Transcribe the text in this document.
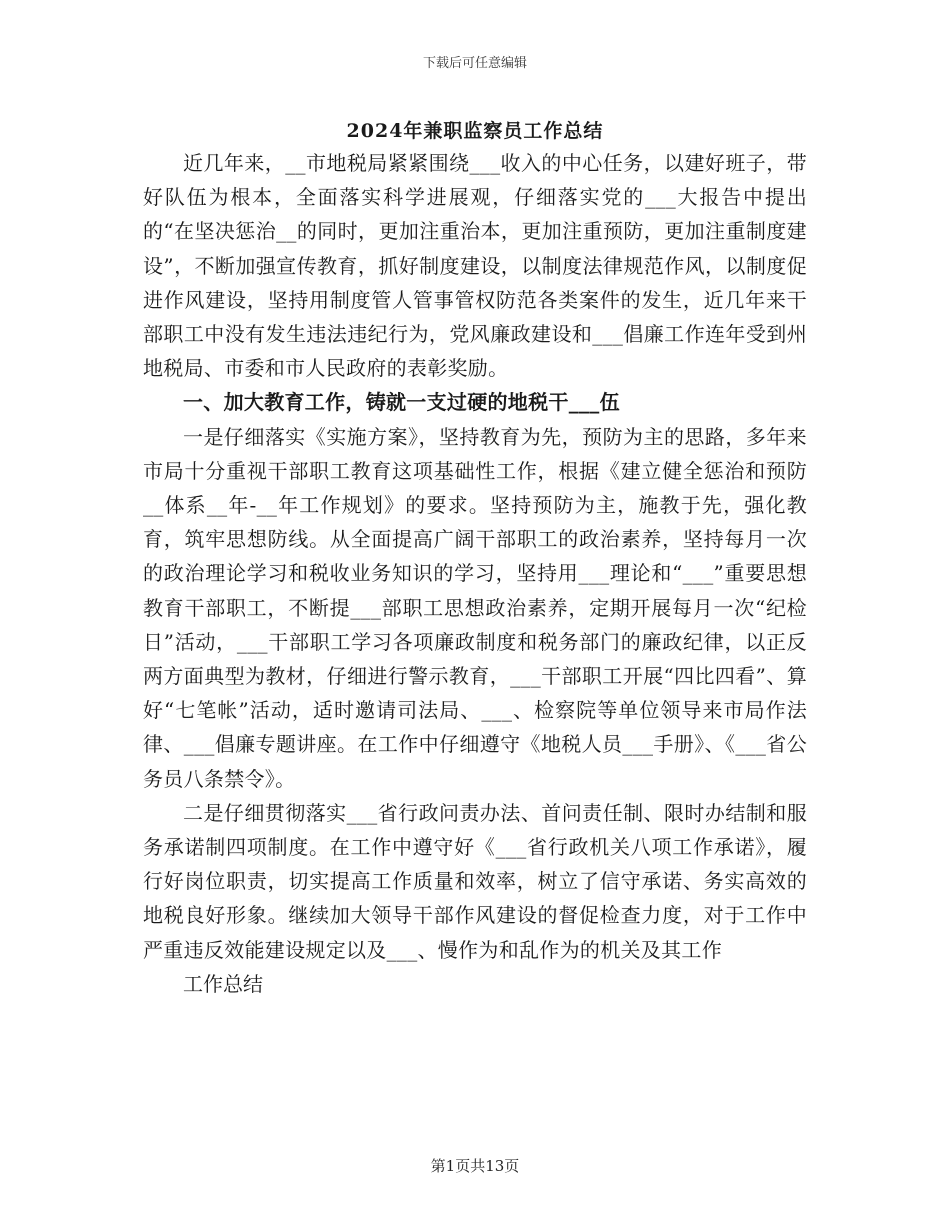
下载后可任意编辑
2024年兼职监察员工作总结

近几年来，__市地税局紧紧围绕___收入的中心任务，以建好班子，带好队伍为根本，全面落实科学进展观，仔细落实党的___大报告中提出的“在坚决惩治__的同时，更加注重治本，更加注重预防，更加注重制度建设”，不断加强宣传教育，抓好制度建设，以制度法律规范作风，以制度促进作风建设，坚持用制度管人管事管权防范各类案件的发生，近几年来干部职工中没有发生违法违纪行为，党风廉政建设和___倡廉工作连年受到州地税局、市委和市人民政府的表彰奖励。

一、加大教育工作，铸就一支过硬的地税干___伍

一是仔细落实《实施方案》，坚持教育为先，预防为主的思路，多年来市局十分重视干部职工教育这项基础性工作，根据《建立健全惩治和预防__体系__年-__年工作规划》的要求。坚持预防为主，施教于先，强化教育，筑牢思想防线。从全面提高广阔干部职工的政治素养，坚持每月一次的政治理论学习和税收业务知识的学习，坚持用___理论和“___”重要思想教育干部职工，不断提___部职工思想政治素养，定期开展每月一次“纪检日”活动，___干部职工学习各项廉政制度和税务部门的廉政纪律，以正反两方面典型为教材，仔细进行警示教育，___干部职工开展“四比四看”、算好“七笔帐”活动，适时邀请司法局、___、检察院等单位领导来市局作法律、___倡廉专题讲座。在工作中仔细遵守《地税人员___手册》、《___省公务员八条禁令》。

二是仔细贯彻落实___省行政问责办法、首问责任制、限时办结制和服务承诺制四项制度。在工作中遵守好《___省行政机关八项工作承诺》，履行好岗位职责，切实提高工作质量和效率，树立了信守承诺、务实高效的地税良好形象。继续加大领导干部作风建设的督促检查力度，对于工作中严重违反效能建设规定以及___、慢作为和乱作为的机关及其工作

工作总结

第1页共13页
